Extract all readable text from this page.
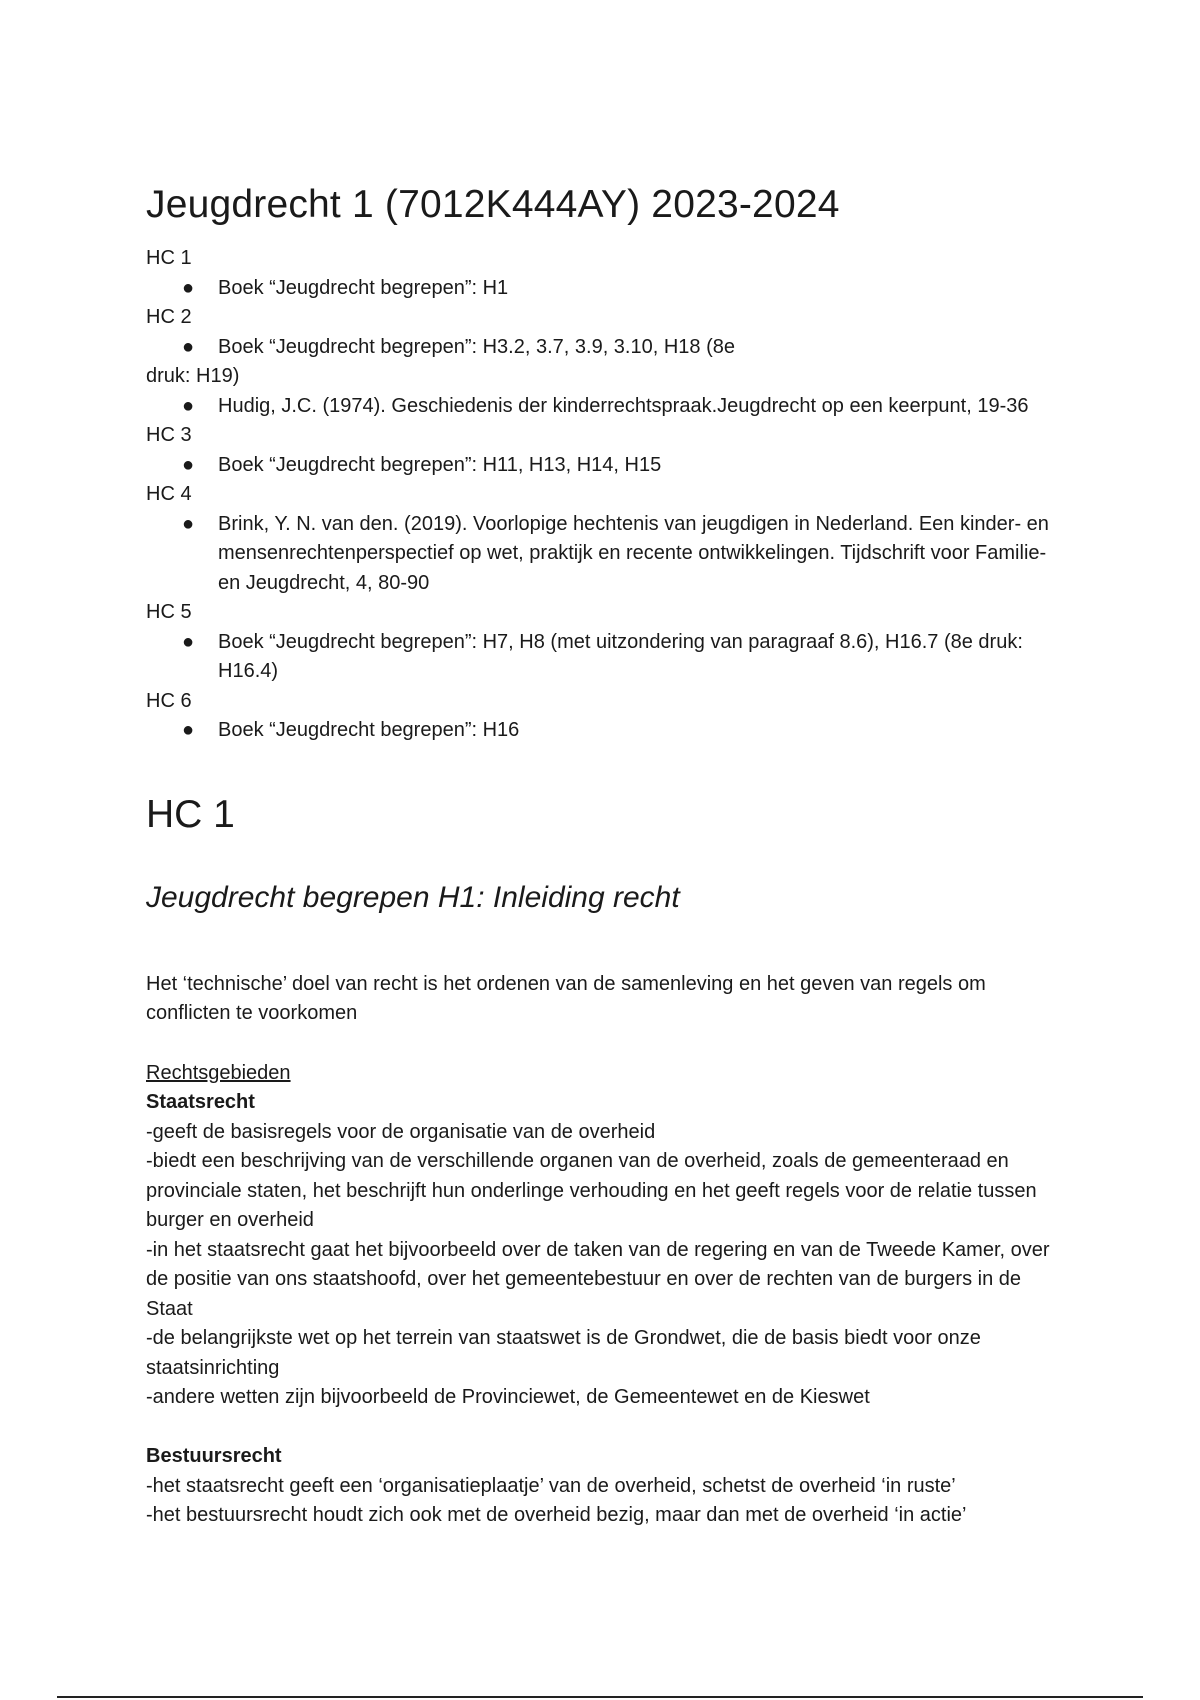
Jeugdrecht 1 (7012K444AY) 2023-2024

HC 1

● Boek “Jeugdrecht begrepen”: H1

HC 2

● Boek “Jeugdrecht begrepen”: H3.2, 3.7, 3.9, 3.10, H18 (8e
druk: H19)
● Hudig, J.C. (1974). Geschiedenis der kinderrechtspraak.Jeugdrecht op een keerpunt, 19-36

HC 3

● Boek “Jeugdrecht begrepen”: H11, H13, H14, H15

HC 4

● Brink, Y. N. van den. (2019). Voorlopige hechtenis van jeugdigen in Nederland. Een kinder- en mensenrechtenperspectief op wet, praktijk en recente ontwikkelingen. Tijdschrift voor Familie- en Jeugdrecht, 4, 80-90

HC 5

● Boek “Jeugdrecht begrepen”: H7, H8 (met uitzondering van paragraaf 8.6), H16.7 (8e druk: H16.4)

HC 6

● Boek “Jeugdrecht begrepen”: H16
HC 1
Jeugdrecht begrepen H1: Inleiding recht
Het ‘technische’ doel van recht is het ordenen van de samenleving en het geven van regels om conflicten te voorkomen
Rechtsgebieden
Staatsrecht
-geeft de basisregels voor de organisatie van de overheid
-biedt een beschrijving van de verschillende organen van de overheid, zoals de gemeenteraad en provinciale staten, het beschrijft hun onderlinge verhouding en het geeft regels voor de relatie tussen burger en overheid
-in het staatsrecht gaat het bijvoorbeeld over de taken van de regering en van de Tweede Kamer, over de positie van ons staatshoofd, over het gemeentebestuur en over de rechten van de burgers in de Staat
-de belangrijkste wet op het terrein van staatswet is de Grondwet, die de basis biedt voor onze staatsinrichting
-andere wetten zijn bijvoorbeeld de Provinciewet, de Gemeentewet en de Kieswet
Bestuursrecht
-het staatsrecht geeft een ‘organisatieplaatje’ van de overheid, schetst de overheid ‘in ruste’
-het bestuursrecht houdt zich ook met de overheid bezig, maar dan met de overheid ‘in actie’
